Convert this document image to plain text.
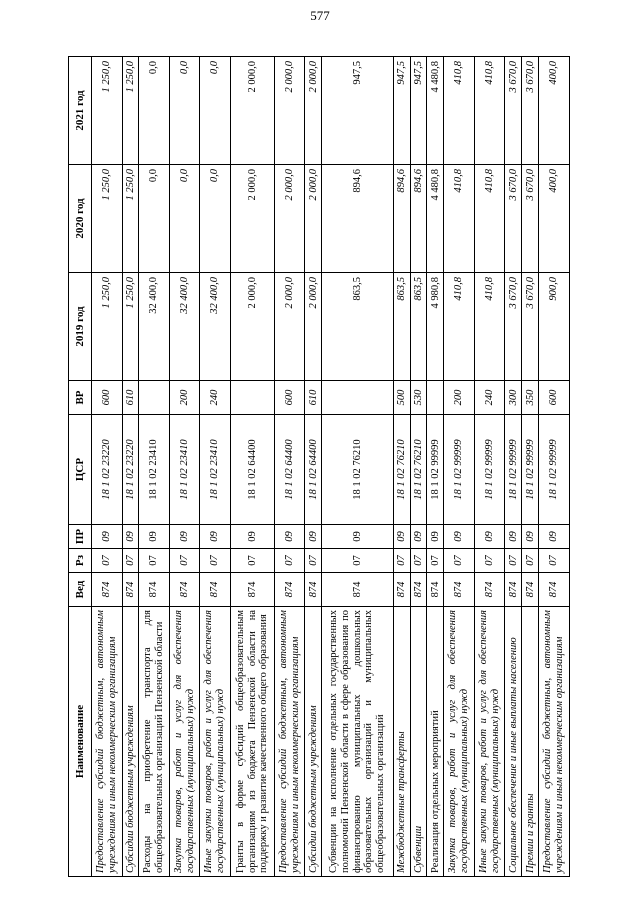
577
Наименование	Вед	Рз	ПР	ЦСР	ВР	2019 год	2020 год	2021 год
Предоставление субсидий бюджетным, автономным учреждениям и иным некоммерческим организациям	874	07	09	18 1 02 23220	600	1 250,0	1 250,0	1 250,0
Субсидии бюджетным учреждениям	874	07	09	18 1 02 23220	610	1 250,0	1 250,0	1 250,0
Расходы на приобретение транспорта для общеобразовательных организаций Пензенской области	874	07	09	18 1 02 23410		32 400,0	0,0	0,0
Закупка товаров, работ и услуг для обеспечения государственных (муниципальных) нужд	874	07	09	18 1 02 23410	200	32 400,0	0,0	0,0
Иные закупки товаров, работ и услуг для обеспечения государственных (муниципальных) нужд	874	07	09	18 1 02 23410	240	32 400,0	0,0	0,0
Гранты в форме субсидий общеобразовательным организациям из бюджета Пензенской области на поддержку и развитие качественного общего образования	874	07	09	18 1 02 64400		2 000,0	2 000,0	2 000,0
Предоставление субсидий бюджетным, автономным учреждениям и иным некоммерческим организациям	874	07	09	18 1 02 64400	600	2 000,0	2 000,0	2 000,0
Субсидии бюджетным учреждениям	874	07	09	18 1 02 64400	610	2 000,0	2 000,0	2 000,0
Субвенции на исполнение отдельных государственных полномочий Пензенской области в сфере образования по финансированию муниципальных дошкольных образовательных организаций и муниципальных общеобразовательных организаций	874	07	09	18 1 02 76210		863,5	894,6	947,5
Межбюджетные трансферты	874	07	09	18 1 02 76210	500	863,5	894,6	947,5
Субвенции	874	07	09	18 1 02 76210	530	863,5	894,6	947,5
Реализация отдельных мероприятий	874	07	09	18 1 02 99999		4 980,8	4 480,8	4 480,8
Закупка товаров, работ и услуг для обеспечения государственных (муниципальных) нужд	874	07	09	18 1 02 99999	200	410,8	410,8	410,8
Иные закупки товаров, работ и услуг для обеспечения государственных (муниципальных) нужд	874	07	09	18 1 02 99999	240	410,8	410,8	410,8
Социальное обеспечение и иные выплаты населению	874	07	09	18 1 02 99999	300	3 670,0	3 670,0	3 670,0
Премии и гранты	874	07	09	18 1 02 99999	350	3 670,0	3 670,0	3 670,0
Предоставление субсидий бюджетным, автономным учреждениям и иным некоммерческим организациям	874	07	09	18 1 02 99999	600	900,0	400,0	400,0
